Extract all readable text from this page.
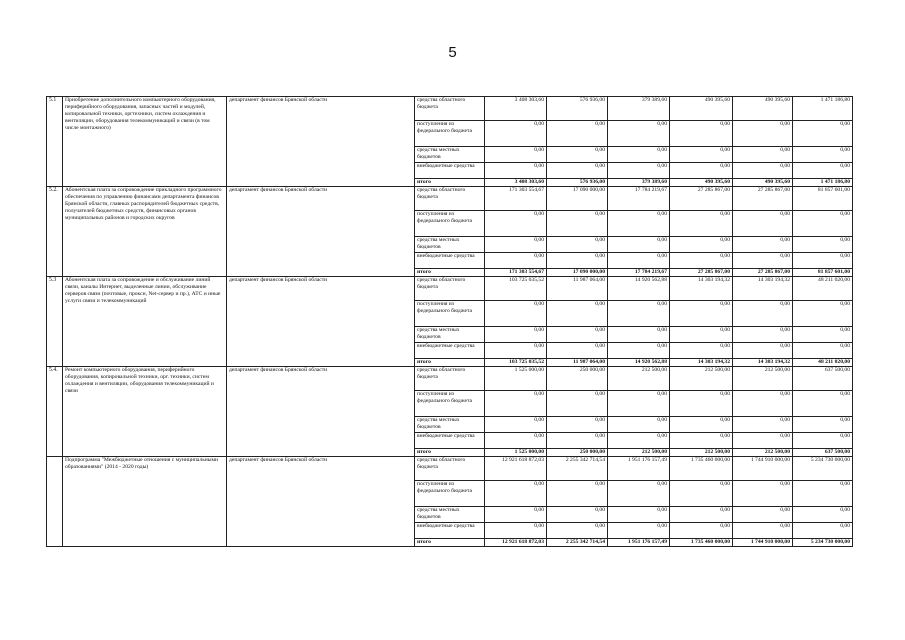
5
5.1	Приобретение дополнительного компьютерного оборудования, периферийного оборудования, запасных частей и модулей, копировальной техники, оргтехники, систем охлаждения и вентиляции, оборудования телекоммуникаций и связи (в том числе монтажного)	департамент финансов Брянской области	средства областного бюджета	3 408 303,60	576 936,00	379 389,60	490 395,60	490 395,60	1 471 186,80
			поступления из федерального бюджета	0,00	0,00	0,00	0,00	0,00	0,00
			средства местных бюджетов	0,00	0,00	0,00	0,00	0,00	0,00
			внебюджетные средства	0,00	0,00	0,00	0,00	0,00	0,00
			итого	3 408 303,60	576 936,00	379 389,60	490 395,60	490 395,60	1 471 186,80
5.2.	Абонентская плата за сопровождение прикладного программного обеспечения по управлению финансами департамента финансов Брянской области, главных распорядителей бюджетных средств, получателей бюджетных средств, финансовых органов муниципальных районов и городских округов	департамент финансов Брянской области	средства областного бюджета	171 303 554,67	17 090 000,00	17 784 219,67	27 285 867,00	27 285 867,00	81 857 601,00
			поступления из федерального бюджета	0,00	0,00	0,00	0,00	0,00	0,00
			средства местных бюджетов	0,00	0,00	0,00	0,00	0,00	0,00
			внебюджетные средства	0,00	0,00	0,00	0,00	0,00	0,00
			итого	171 303 554,67	17 090 000,00	17 784 219,67	27 285 867,00	27 285 867,00	81 857 601,00
5.3	Абонентская плата за сопровождение и обслуживание линий связи, каналы Интернет, выделенные линии, обслуживание серверов связи (почтовые, прокси, Net-сервер и пр.), АТС и иные услуги связи и телекоммуникаций	департамент финансов Брянской области	средства областного бюджета	103 725 035,52	11 987 064,00	14 920 562,88	14 303 194,32	14 303 194,32	48 211 020,00
			поступления из федерального бюджета	0,00	0,00	0,00	0,00	0,00	0,00
			средства местных бюджетов	0,00	0,00	0,00	0,00	0,00	0,00
			внебюджетные средства	0,00	0,00	0,00	0,00	0,00	0,00
			итого	103 725 035,52	11 987 064,00	14 920 562,88	14 303 194,32	14 303 194,32	48 211 020,00
5.4.	Ремонт компьютерного оборудования, периферийного оборудования, копировальной техники, орг. техники, систем охлаждения и вентиляции, оборудования телекоммуникаций и связи	департамент финансов Брянской области	средства областного бюджета	1 525 000,00	250 000,00	212 500,00	212 500,00	212 500,00	637 500,00
			поступления из федерального бюджета	0,00	0,00	0,00	0,00	0,00	0,00
			средства местных бюджетов	0,00	0,00	0,00	0,00	0,00	0,00
			внебюджетные средства	0,00	0,00	0,00	0,00	0,00	0,00
			итого	1 525 000,00	250 000,00	212 500,00	212 500,00	212 500,00	637 500,00
	Подпрограмма "Межбюджетные отношения с муниципальными образованиями" (2014 - 2020 годы)	департамент финансов Брянской области	средства областного бюджета	12 921 618 872,03	2 255 342 714,54	1 951 176 157,49	1 735 460 000,00	1 744 910 000,00	5 234 730 000,00
			поступления из федерального бюджета	0,00	0,00	0,00	0,00	0,00	0,00
			средства местных бюджетов	0,00	0,00	0,00	0,00	0,00	0,00
			внебюджетные средства	0,00	0,00	0,00	0,00	0,00	0,00
			итого	12 921 618 872,03	2 255 342 714,54	1 951 176 157,49	1 735 460 000,00	1 744 910 000,00	5 234 730 000,00
